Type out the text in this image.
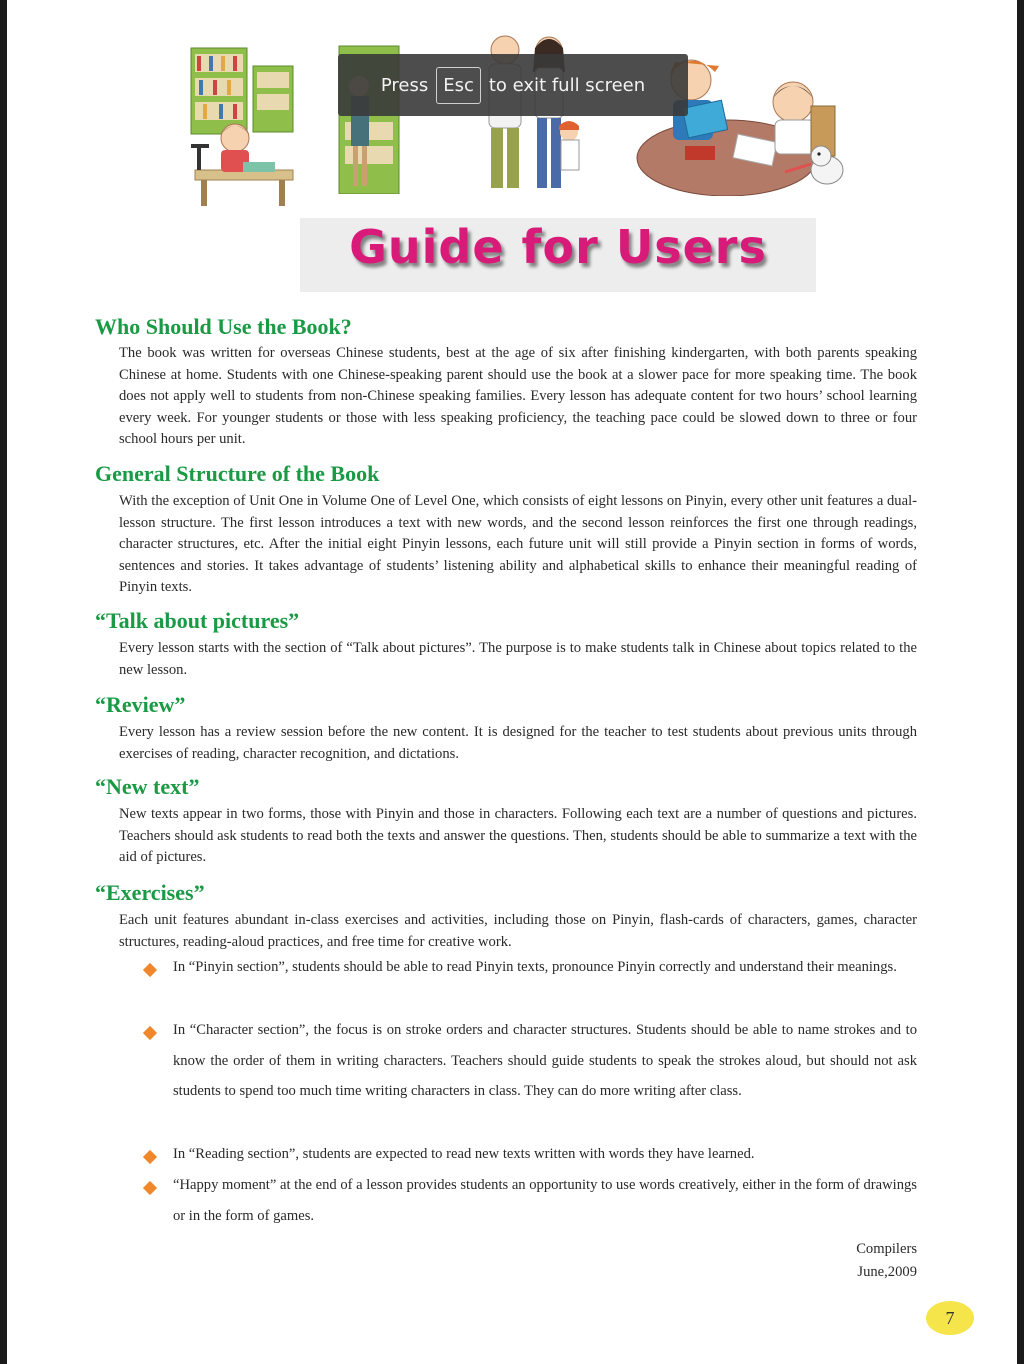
Press Esc to exit full screen
Guide for Users
Who Should Use the Book?

The book was written for overseas Chinese students, best at the age of six after finishing kindergarten, with both parents speaking Chinese at home. Students with one Chinese-speaking parent should use the book at a slower pace for more speaking time. The book does not apply well to students from non-Chinese speaking families. Every lesson has adequate content for two hours’ school learning every week. For younger students or those with less speaking proficiency, the teaching pace could be slowed down to three or four school hours per unit.

General Structure of the Book

With the exception of Unit One in Volume One of Level One, which consists of eight lessons on Pinyin, every other unit features a dual-lesson structure. The first lesson introduces a text with new words, and the second lesson reinforces the first one through readings, character structures, etc. After the initial eight Pinyin lessons, each future unit will still provide a Pinyin section in forms of words, sentences and stories. It takes advantage of students’ listening ability and alphabetical skills to enhance their meaningful reading of Pinyin texts.

“Talk about pictures”

Every lesson starts with the section of “Talk about pictures”. The purpose is to make students talk in Chinese about topics related to the new lesson.

“Review”

Every lesson has a review session before the new content. It is designed for the teacher to test students about previous units through exercises of reading, character recognition, and dictations.

“New text”

New texts appear in two forms, those with Pinyin and those in characters. Following each text are a number of questions and pictures. Teachers should ask students to read both the texts and answer the questions. Then, students should be able to summarize a text with the aid of pictures.

“Exercises”

Each unit features abundant in-class exercises and activities, including those on Pinyin, flash-cards of characters, games, character structures, reading-aloud practices, and free time for creative work.

In “Pinyin section”, students should be able to read Pinyin texts, pronounce Pinyin correctly and understand their meanings.

In “Character section”, the focus is on stroke orders and character structures. Students should be able to name strokes and to know the order of them in writing characters. Teachers should guide students to speak the strokes aloud, but should not ask students to spend too much time writing characters in class. They can do more writing after class.

In “Reading section”, students are expected to read new texts written with words they have learned.

“Happy moment” at the end of a lesson provides students an opportunity to use words creatively, either in the form of drawings or in the form of games.

Compilers
June,2009
7
